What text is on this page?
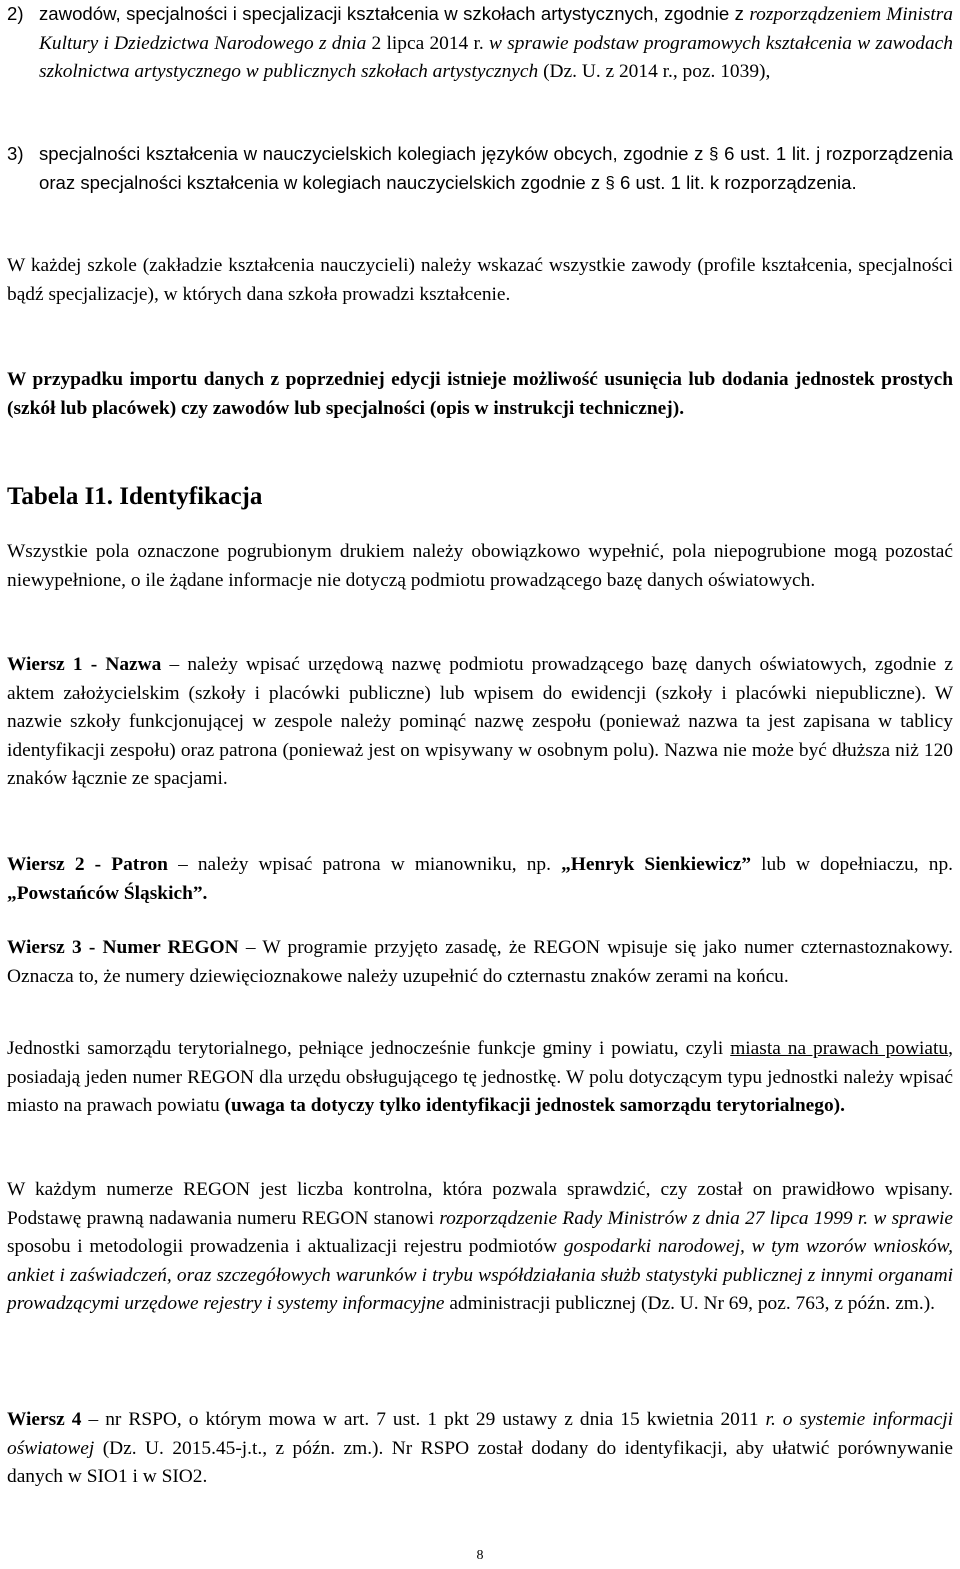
2) zawodów, specjalności i specjalizacji kształcenia w szkołach artystycznych, zgodnie z rozporządzeniem Ministra Kultury i Dziedzictwa Narodowego z dnia 2 lipca 2014 r. w sprawie podstaw programowych kształcenia w zawodach szkolnictwa artystycznego w publicznych szkołach artystycznych (Dz. U. z 2014 r., poz. 1039),
3) specjalności kształcenia w nauczycielskich kolegiach języków obcych, zgodnie z § 6 ust. 1 lit. j rozporządzenia oraz specjalności kształcenia w kolegiach nauczycielskich zgodnie z § 6 ust. 1 lit. k rozporządzenia.

W każdej szkole (zakładzie kształcenia nauczycieli) należy wskazać wszystkie zawody (profile kształcenia, specjalności bądź specjalizacje), w których dana szkoła prowadzi kształcenie.

W przypadku importu danych z poprzedniej edycji istnieje możliwość usunięcia lub dodania jednostek prostych (szkół lub placówek) czy zawodów lub specjalności (opis w instrukcji technicznej).

Tabela I1. Identyfikacja

Wszystkie pola oznaczone pogrubionym drukiem należy obowiązkowo wypełnić, pola niepogrubione mogą pozostać niewypełnione, o ile żądane informacje nie dotyczą podmiotu prowadzącego bazę danych oświatowych.

Wiersz 1 - Nazwa – należy wpisać urzędową nazwę podmiotu prowadzącego bazę danych oświatowych, zgodnie z aktem założycielskim (szkoły i placówki publiczne) lub wpisem do ewidencji (szkoły i placówki niepubliczne). W nazwie szkoły funkcjonującej w zespole należy pominąć nazwę zespołu (ponieważ nazwa ta jest zapisana w tablicy identyfikacji zespołu) oraz patrona (ponieważ jest on wpisywany w osobnym polu). Nazwa nie może być dłuższa niż 120 znaków łącznie ze spacjami.

Wiersz 2 - Patron – należy wpisać patrona w mianowniku, np. „Henryk Sienkiewicz” lub w dopełniaczu, np. „Powstańców Śląskich”.

Wiersz 3 - Numer REGON – W programie przyjęto zasadę, że REGON wpisuje się jako numer czternastoznakowy. Oznacza to, że numery dziewięcioznakowe należy uzupełnić do czternastu znaków zerami na końcu.

Jednostki samorządu terytorialnego, pełniące jednocześnie funkcje gminy i powiatu, czyli miasta na prawach powiatu, posiadają jeden numer REGON dla urzędu obsługującego tę jednostkę. W polu dotyczącym typu jednostki należy wpisać miasto na prawach powiatu (uwaga ta dotyczy tylko identyfikacji jednostek samorządu terytorialnego).

W każdym numerze REGON jest liczba kontrolna, która pozwala sprawdzić, czy został on prawidłowo wpisany. Podstawę prawną nadawania numeru REGON stanowi rozporządzenie Rady Ministrów z dnia 27 lipca 1999 r. w sprawie sposobu i metodologii prowadzenia i aktualizacji rejestru podmiotów gospodarki narodowej, w tym wzorów wniosków, ankiet i zaświadczeń, oraz szczegółowych warunków i trybu współdziałania służb statystyki publicznej z innymi organami prowadzącymi urzędowe rejestry i systemy informacyjne administracji publicznej (Dz. U. Nr 69, poz. 763, z późn. zm.).

Wiersz 4 – nr RSPO, o którym mowa w art. 7 ust. 1 pkt 29 ustawy z dnia 15 kwietnia 2011 r. o systemie informacji oświatowej (Dz. U. 2015.45-j.t., z późn. zm.). Nr RSPO został dodany do identyfikacji, aby ułatwić porównywanie danych w SIO1 i w SIO2.

8
